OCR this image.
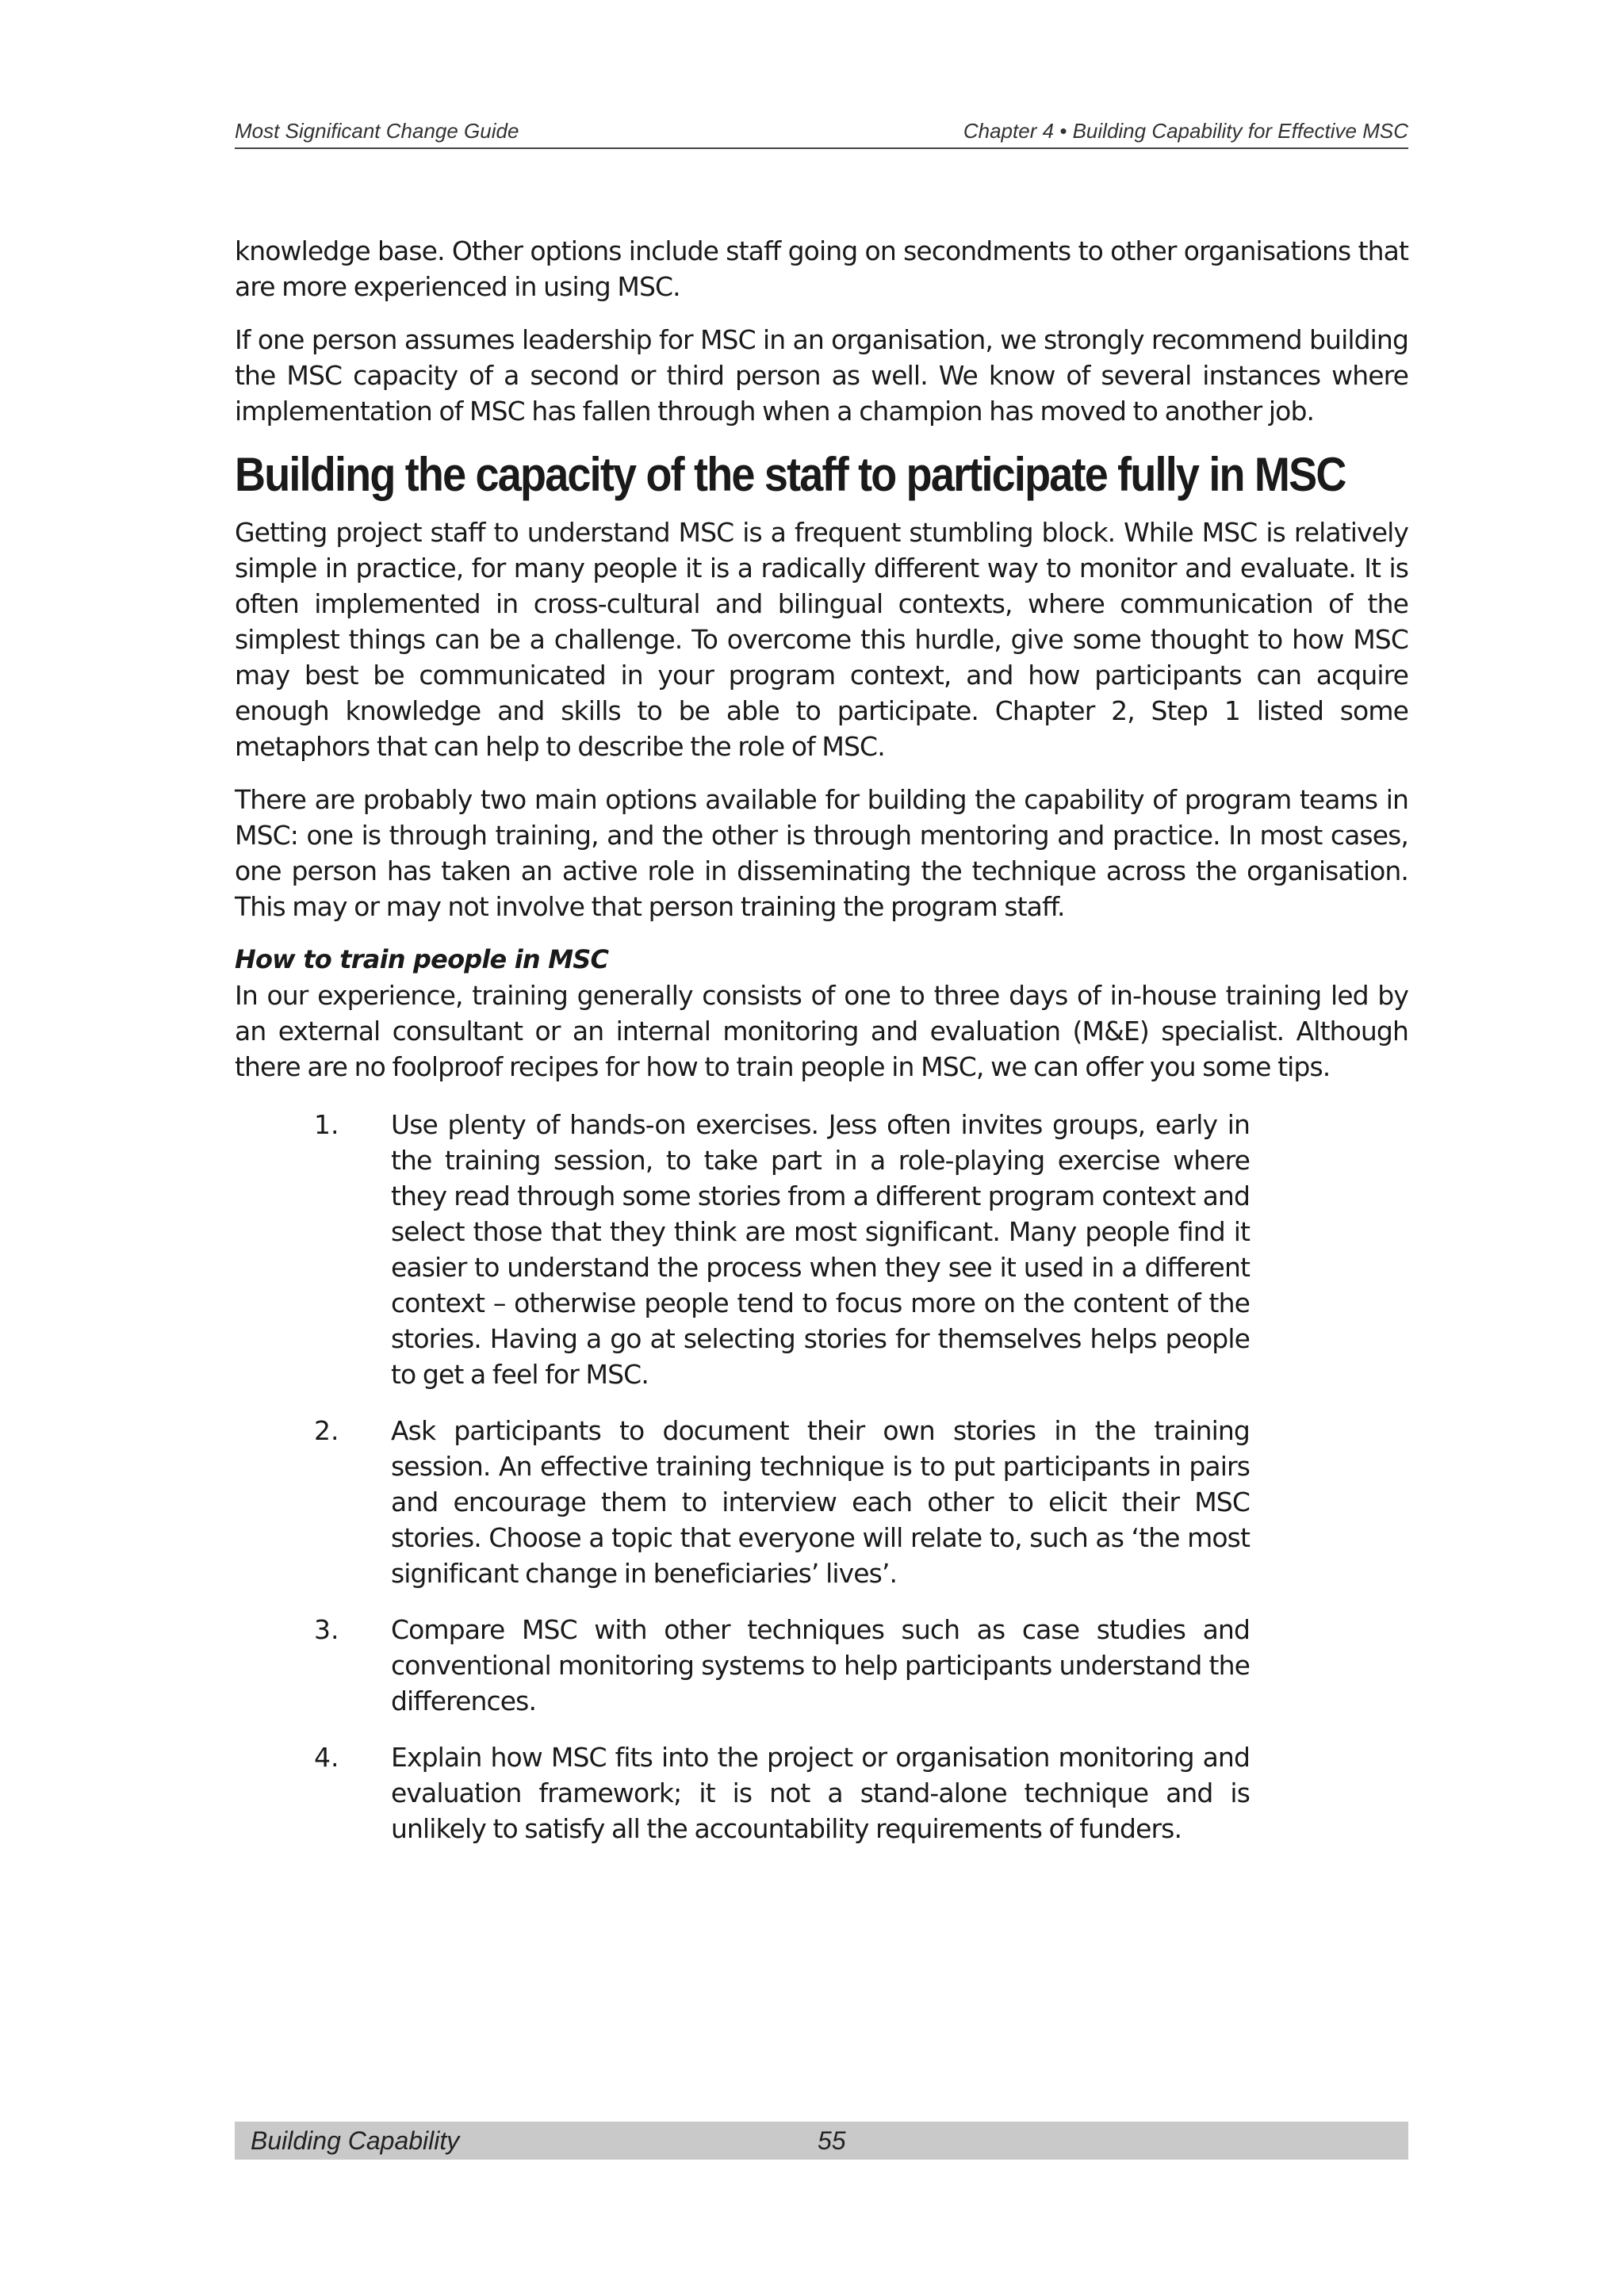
Most Significant Change Guide	Chapter 4 • Building Capability for Effective MSC

knowledge base. Other options include staff going on secondments to other organisations that are more experienced in using MSC.

If one person assumes leadership for MSC in an organisation, we strongly recommend building the MSC capacity of a second or third person as well. We know of several instances where implementation of MSC has fallen through when a champion has moved to another job.

Building the capacity of the staff to participate fully in MSC

Getting project staff to understand MSC is a frequent stumbling block. While MSC is relatively simple in practice, for many people it is a radically different way to monitor and evaluate. It is often implemented in cross-cultural and bilingual contexts, where communication of the simplest things can be a challenge. To overcome this hurdle, give some thought to how MSC may best be communicated in your program context, and how participants can acquire enough knowledge and skills to be able to participate. Chapter 2, Step 1 listed some metaphors that can help to describe the role of MSC.

There are probably two main options available for building the capability of program teams in MSC: one is through training, and the other is through mentoring and practice. In most cases, one person has taken an active role in disseminating the technique across the organisation. This may or may not involve that person training the program staff.

How to train people in MSC

In our experience, training generally consists of one to three days of in-house training led by an external consultant or an internal monitoring and evaluation (M&E) specialist. Although there are no foolproof recipes for how to train people in MSC, we can offer you some tips.

1. Use plenty of hands-on exercises. Jess often invites groups, early in the training session, to take part in a role-playing exercise where they read through some stories from a different program context and select those that they think are most significant. Many people find it easier to understand the process when they see it used in a different context – otherwise people tend to focus more on the content of the stories. Having a go at selecting stories for themselves helps people to get a feel for MSC.
2. Ask participants to document their own stories in the training session. An effective training technique is to put participants in pairs and encourage them to interview each other to elicit their MSC stories. Choose a topic that everyone will relate to, such as ‘the most significant change in beneficiaries’ lives’.
3. Compare MSC with other techniques such as case studies and conventional monitoring systems to help participants understand the differences.
4. Explain how MSC fits into the project or organisation monitoring and evaluation framework; it is not a stand-alone technique and is unlikely to satisfy all the accountability requirements of funders.
Building Capability	55
